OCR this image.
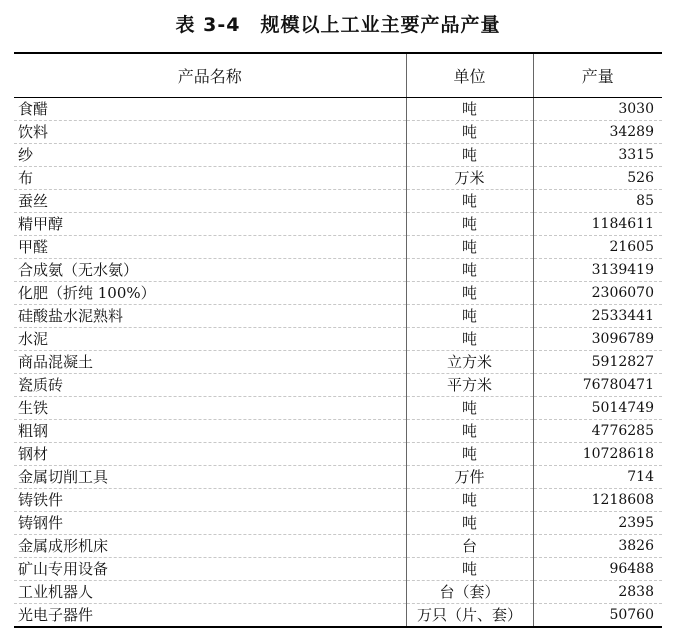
表 3-4　规模以上工业主要产品产量
产品名称	单位	产量
食醋	吨	3030
饮料	吨	34289
纱	吨	3315
布	万米	526
蚕丝	吨	85
精甲醇	吨	1184611
甲醛	吨	21605
合成氨（无水氨）	吨	3139419
化肥（折纯 100%）	吨	2306070
硅酸盐水泥熟料	吨	2533441
水泥	吨	3096789
商品混凝土	立方米	5912827
瓷质砖	平方米	76780471
生铁	吨	5014749
粗钢	吨	4776285
钢材	吨	10728618
金属切削工具	万件	714
铸铁件	吨	1218608
铸钢件	吨	2395
金属成形机床	台	3826
矿山专用设备	吨	96488
工业机器人	台（套）	2838
光电子器件	万只（片、套）	50760
